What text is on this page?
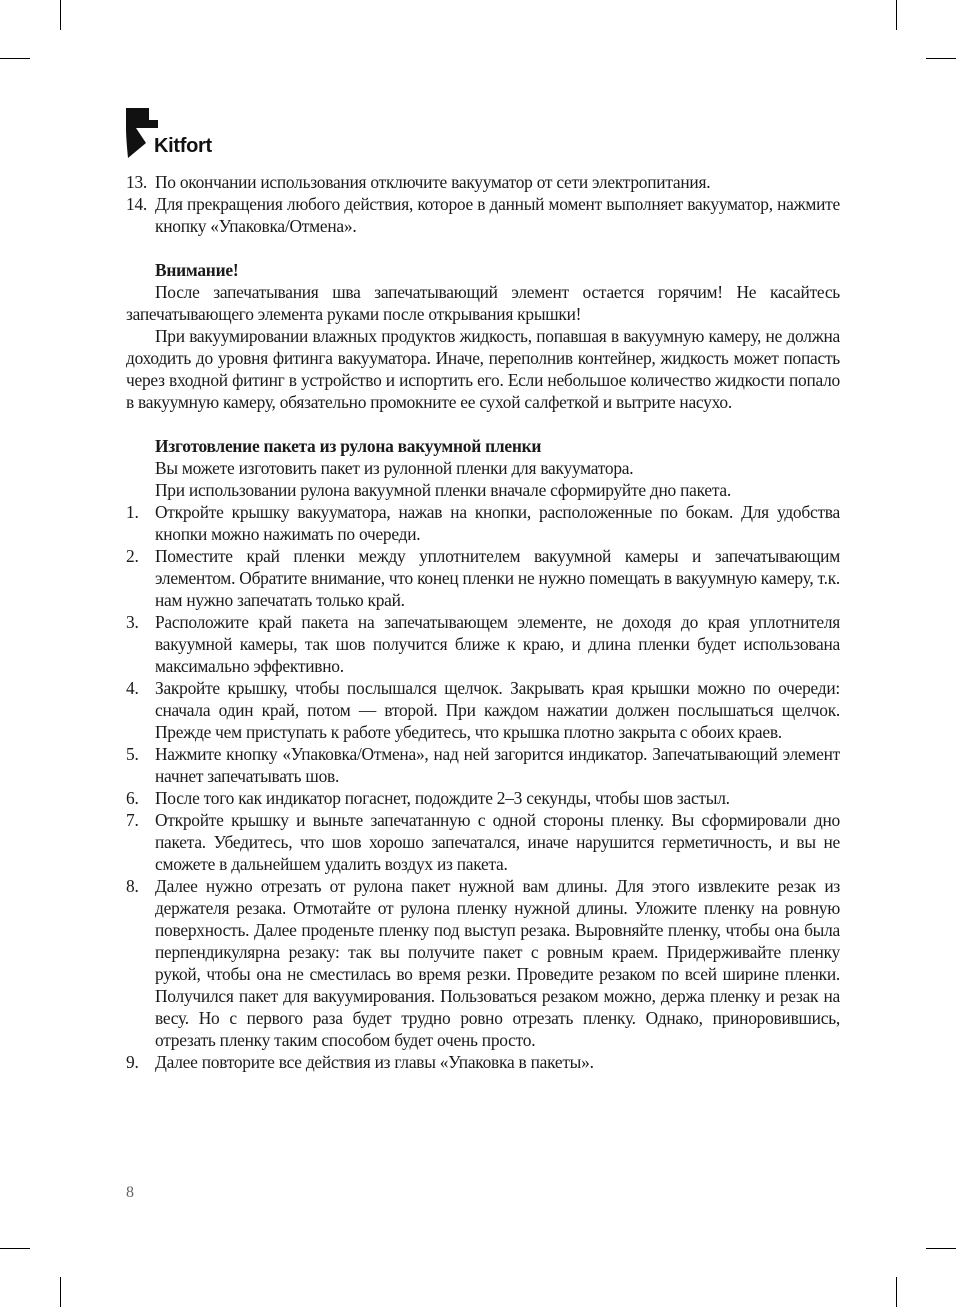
Kitfort
13. По окончании использования отключите вакууматор от сети электропитания.
14. Для прекращения любого действия, которое в данный момент выполняет вакууматор, нажмите кнопку «Упаковка/Отмена».
Внимание!

После запечатывания шва запечатывающий элемент остается горячим! Не касайтесь запечатывающего элемента руками после открывания крышки!

При вакуумировании влажных продуктов жидкость, попавшая в вакуумную камеру, не должна доходить до уровня фитинга вакууматора. Иначе, переполнив контейнер, жидкость может попасть через входной фитинг в устройство и испортить его. Если небольшое количество жидкости попало в вакуумную камеру, обязательно промокните ее сухой салфеткой и вытрите насухо.

Изготовление пакета из рулона вакуумной пленки

Вы можете изготовить пакет из рулонной пленки для вакууматора.

При использовании рулона вакуумной пленки вначале сформируйте дно пакета.

1. Откройте крышку вакууматора, нажав на кнопки, расположенные по бокам. Для удобства кнопки можно нажимать по очереди.
2. Поместите край пленки между уплотнителем вакуумной камеры и запечатывающим элементом. Обратите внимание, что конец пленки не нужно помещать в вакуумную камеру, т.к. нам нужно запечатать только край.
3. Расположите край пакета на запечатывающем элементе, не доходя до края уплотнителя вакуумной камеры, так шов получится ближе к краю, и длина пленки будет использована максимально эффективно.
4. Закройте крышку, чтобы послышался щелчок. Закрывать края крышки можно по очереди: сначала один край, потом — второй. При каждом нажатии должен послышаться щелчок. Прежде чем приступать к работе убедитесь, что крышка плотно закрыта с обоих краев.
5. Нажмите кнопку «Упаковка/Отмена», над ней загорится индикатор. Запечатывающий элемент начнет запечатывать шов.
6. После того как индикатор погаснет, подождите 2–3 секунды, чтобы шов застыл.
7. Откройте крышку и выньте запечатанную с одной стороны пленку. Вы сформировали дно пакета. Убедитесь, что шов хорошо запечатался, иначе нарушится герметичность, и вы не сможете в дальнейшем удалить воздух из пакета.
8. Далее нужно отрезать от рулона пакет нужной вам длины. Для этого извлеките резак из держателя резака. Отмотайте от рулона пленку нужной длины. Уложите пленку на ровную поверхность. Далее проденьте пленку под выступ резака. Выровняйте пленку, чтобы она была перпендикулярна резаку: так вы получите пакет с ровным краем. Придерживайте пленку рукой, чтобы она не сместилась во время резки. Проведите резаком по всей ширине пленки. Получился пакет для вакуумирования. Пользоваться резаком можно, держа пленку и резак на весу. Но с первого раза будет трудно ровно отрезать пленку. Однако, приноровившись, отрезать пленку таким способом будет очень просто.
9. Далее повторите все действия из главы «Упаковка в пакеты».
8
